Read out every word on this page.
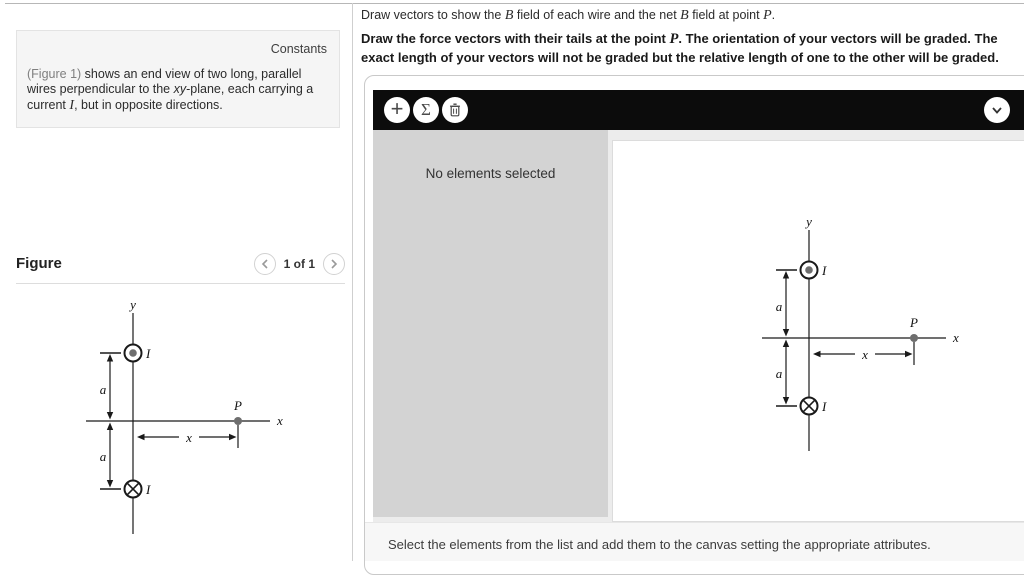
Constants
(Figure 1) shows an end view of two long, parallel wires perpendicular to the xy-plane, each carrying a current I, but in opposite directions.
Figure	1 of 1
y
x
I
I
a
a
P
x
Draw vectors to show the B field of each wire and the net B field at point P.
Draw the force vectors with their tails at the point P. The orientation of your vectors will be graded. The exact length of your vectors will not be graded but the relative length of one to the other will be graded.
+	Σ
No elements selected
y
x
I
I
a
a
P
x
Select the elements from the list and add them to the canvas setting the appropriate attributes.
